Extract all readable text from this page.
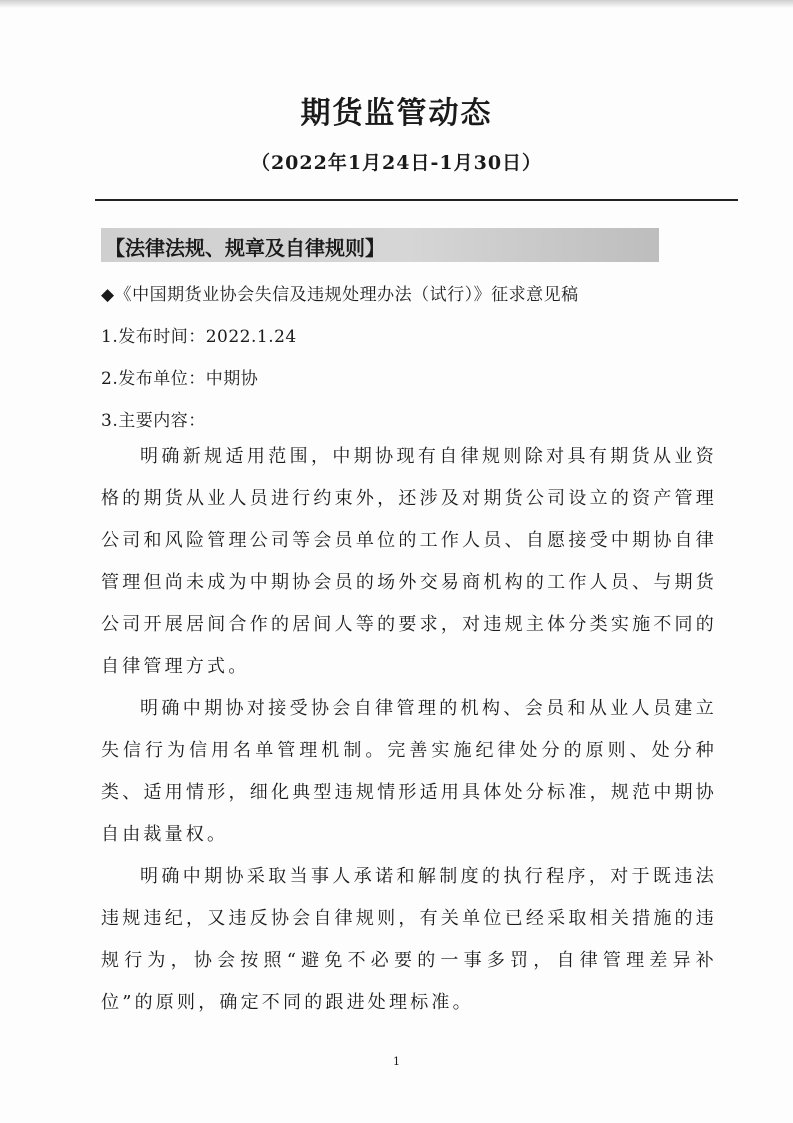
期货监管动态
（2022年1月24日-1月30日）
【法律法规、规章及自律规则】
◆《中国期货业协会失信及违规处理办法（试行）》征求意见稿
1.发布时间：2022.1.24
2.发布单位：中期协
3.主要内容：

明确新规适用范围，中期协现有自律规则除对具有期货从业资格的期货从业人员进行约束外，还涉及对期货公司设立的资产管理公司和风险管理公司等会员单位的工作人员、自愿接受中期协自律管理但尚未成为中期协会员的场外交易商机构的工作人员、与期货公司开展居间合作的居间人等的要求，对违规主体分类实施不同的自律管理方式。

明确中期协对接受协会自律管理的机构、会员和从业人员建立失信行为信用名单管理机制。完善实施纪律处分的原则、处分种类、适用情形，细化典型违规情形适用具体处分标准，规范中期协自由裁量权。

明确中期协采取当事人承诺和解制度的执行程序，对于既违法违规违纪，又违反协会自律规则，有关单位已经采取相关措施的违规行为，协会按照“避免不必要的一事多罚，自律管理差异补位”的原则，确定不同的跟进处理标准。

1
